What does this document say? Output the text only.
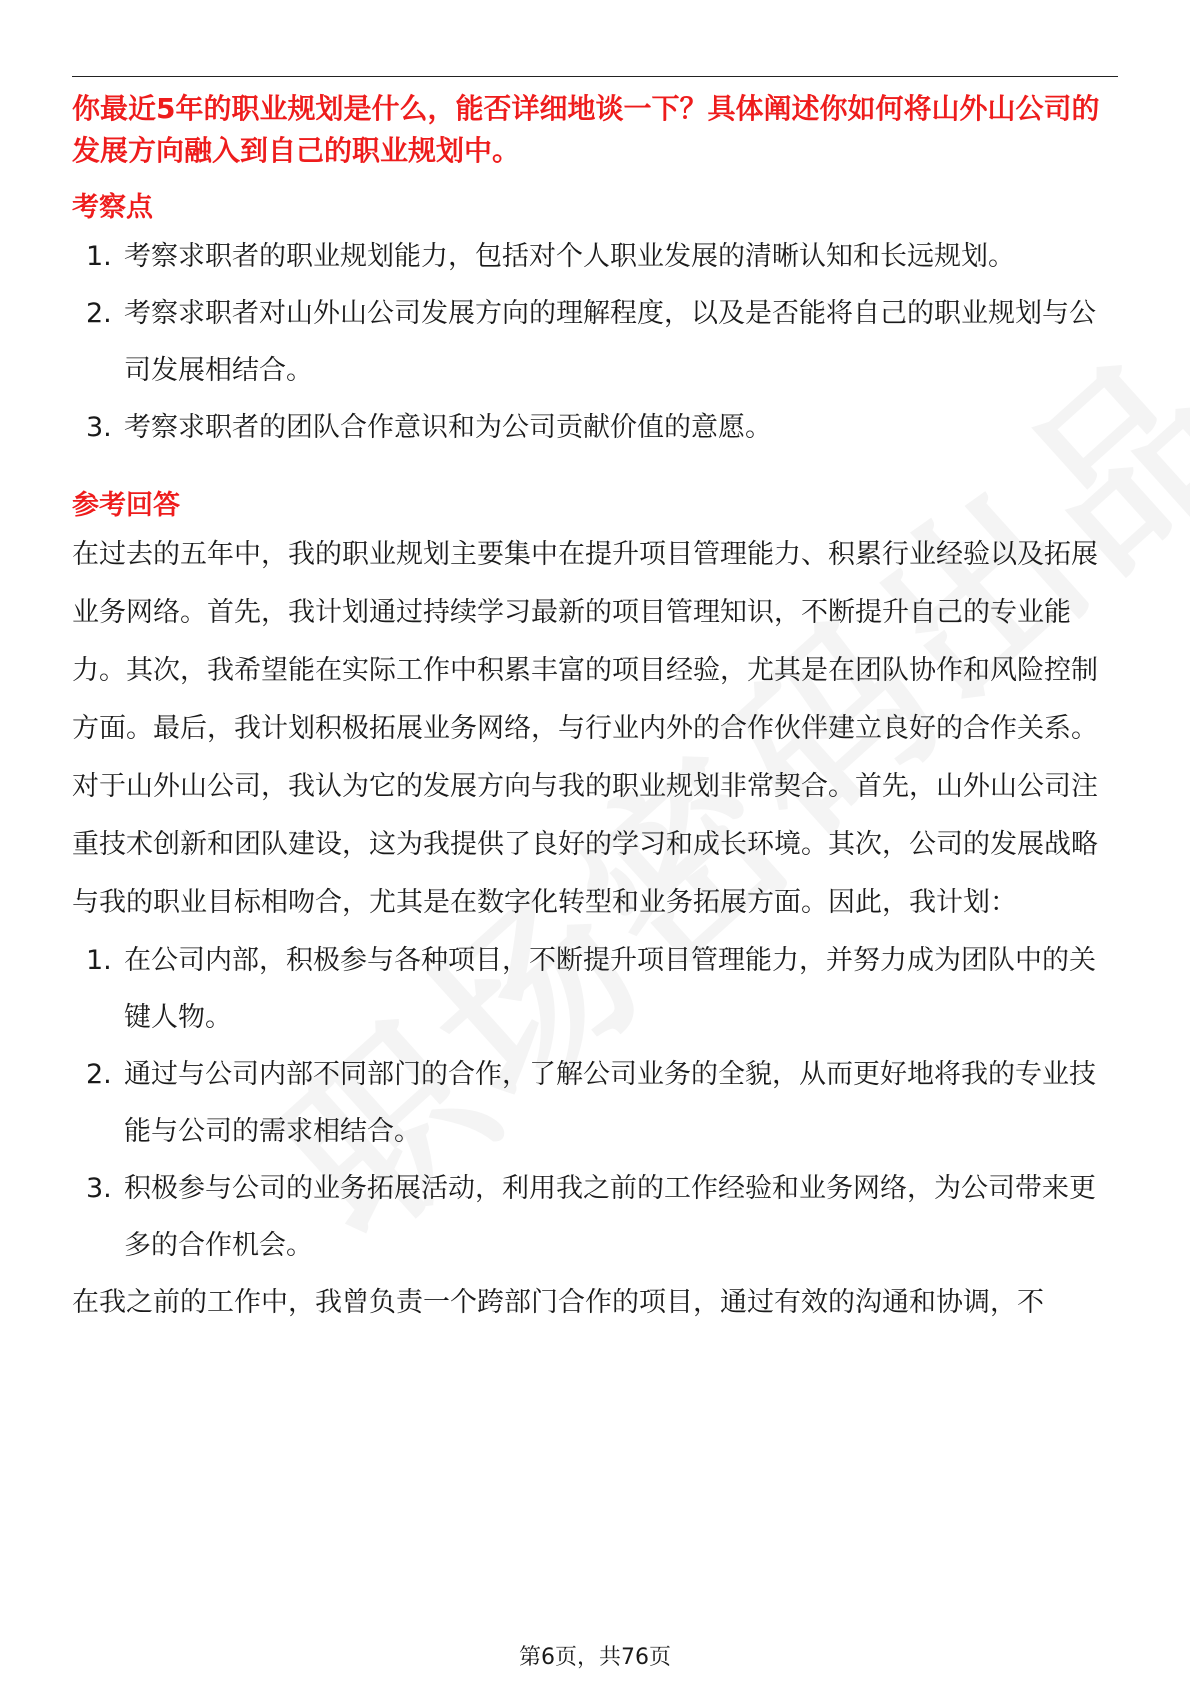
你最近5年的职业规划是什么，能否详细地谈一下？具体阐述你如何将山外山公司的发展方向融入到自己的职业规划中。
考察点
1. 考察求职者的职业规划能力，包括对个人职业发展的清晰认知和长远规划。
2. 考察求职者对山外山公司发展方向的理解程度，以及是否能将自己的职业规划与公司发展相结合。
3. 考察求职者的团队合作意识和为公司贡献价值的意愿。
参考回答

在过去的五年中，我的职业规划主要集中在提升项目管理能力、积累行业经验以及拓展业务网络。首先，我计划通过持续学习最新的项目管理知识，不断提升自己的专业能力。其次，我希望能在实际工作中积累丰富的项目经验，尤其是在团队协作和风险控制方面。最后，我计划积极拓展业务网络，与行业内外的合作伙伴建立良好的合作关系。

对于山外山公司，我认为它的发展方向与我的职业规划非常契合。首先，山外山公司注重技术创新和团队建设，这为我提供了良好的学习和成长环境。其次，公司的发展战略与我的职业目标相吻合，尤其是在数字化转型和业务拓展方面。因此，我计划：

1. 在公司内部，积极参与各种项目，不断提升项目管理能力，并努力成为团队中的关键人物。
2. 通过与公司内部不同部门的合作，了解公司业务的全貌，从而更好地将我的专业技能与公司的需求相结合。
3. 积极参与公司的业务拓展活动，利用我之前的工作经验和业务网络，为公司带来更多的合作机会。

在我之前的工作中，我曾负责一个跨部门合作的项目，通过有效的沟通和协调，不

第6页，共76页
